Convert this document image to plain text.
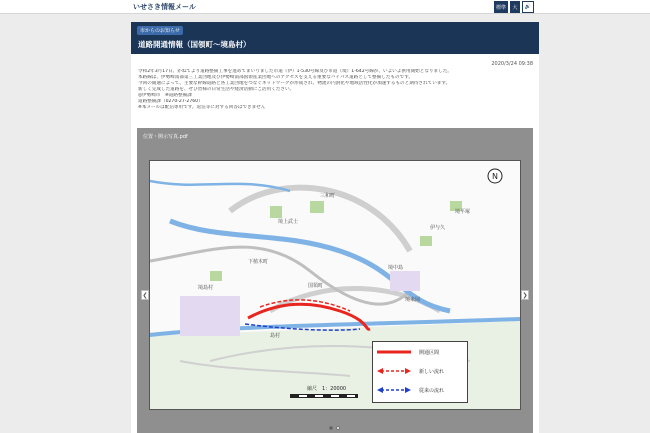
いせさき情報メール	標準	大	🔊
市からのお知らせ
道路開通情報（国領町～境島村）
2020/3/24 09:38

令和2年3月17日、かねてより道路整備工事を進めてまいりました市道（伊）1-530号線及び市道（境）1-642号線が、いよいよ供用開始となりました。

本路線は、伊勢崎南部第三工業団地及び伊勢崎南部国領産業団地へのアクセスを支える重要なバイパス道路として整備したものです。

今回の開通によって、主要な幹線道路と各工業団地をつなぐネットワークが形成され、物流の円滑化や地域活性化が加速するものと期待されています。

新しく完成した道路を、ぜひ皆様の日常生活や経済活動にご活用ください。

◎伊勢崎市　※道路整備課

道路整備課（0270-27-2760）

※本メールは配信専用です。返信等に対する回答はできません

位置・開示写真.pdf
N
境島村	国領町
下植木町
境上武士
境中島
島村
伊与久
三和町
境米岡
境平塚
開通区間
新しい流れ
従来の流れ
縮尺　1：20000
❮	❯
